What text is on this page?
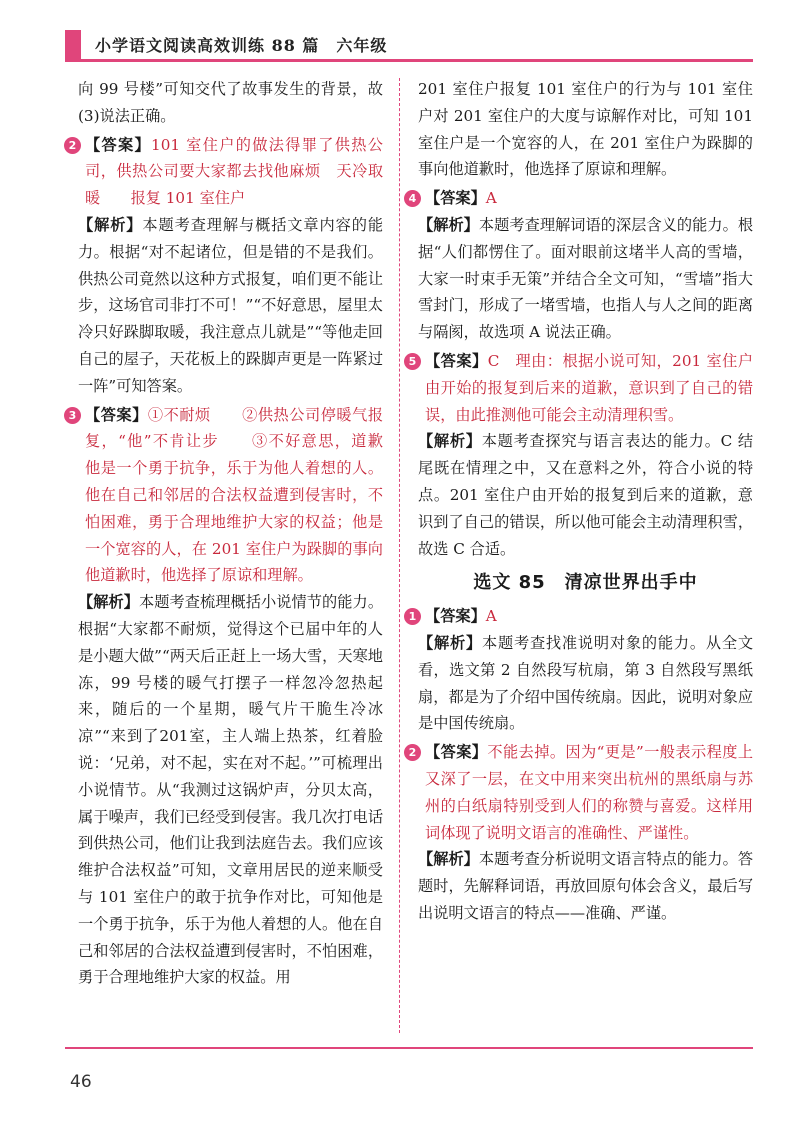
小学语文阅读高效训练 88 篇　六年级

向 99 号楼”可知交代了故事发生的背景，故(3)说法正确。

2 【答案】101 室住户的做法得罪了供热公司，供热公司要大家都去找他麻烦　天冷取暖　　报复 101 室住户

【解析】本题考查理解与概括文章内容的能力。根据“对不起诸位，但是错的不是我们。供热公司竟然以这种方式报复，咱们更不能让步，这场官司非打不可！”“不好意思，屋里太冷只好跺脚取暖，我注意点儿就是”“等他走回自己的屋子，天花板上的跺脚声更是一阵紧过一阵”可知答案。

3 【答案】①不耐烦　　②供热公司停暖气报复，“他”不肯让步　　③不好意思，道歉　　他是一个勇于抗争，乐于为他人着想的人。他在自己和邻居的合法权益遭到侵害时，不怕困难，勇于合理地维护大家的权益；他是一个宽容的人，在 201 室住户为跺脚的事向他道歉时，他选择了原谅和理解。

【解析】本题考查梳理概括小说情节的能力。根据“大家都不耐烦，觉得这个已届中年的人是小题大做”“两天后正赶上一场大雪，天寒地冻，99 号楼的暖气打摆子一样忽冷忽热起来，随后的一个星期，暖气片干脆生冷冰凉”“来到了201室，主人端上热茶，红着脸说：‘兄弟，对不起，实在对不起。’”可梳理出小说情节。从“我测过这锅炉声，分贝太高，属于噪声，我们已经受到侵害。我几次打电话到供热公司，他们让我到法庭告去。我们应该维护合法权益”可知，文章用居民的逆来顺受与 101 室住户的敢于抗争作对比，可知他是一个勇于抗争，乐于为他人着想的人。他在自己和邻居的合法权益遭到侵害时，不怕困难，勇于合理地维护大家的权益。用

201 室住户报复 101 室住户的行为与 101 室住户对 201 室住户的大度与谅解作对比，可知 101 室住户是一个宽容的人，在 201 室住户为跺脚的事向他道歉时，他选择了原谅和理解。

4 【答案】A

【解析】本题考查理解词语的深层含义的能力。根据“人们都愣住了。面对眼前这堵半人高的雪墙，大家一时束手无策”并结合全文可知，“雪墙”指大雪封门，形成了一堵雪墙，也指人与人之间的距离与隔阂，故选项 A 说法正确。

5 【答案】C　理由：根据小说可知，201 室住户由开始的报复到后来的道歉，意识到了自己的错误，由此推测他可能会主动清理积雪。

【解析】本题考查探究与语言表达的能力。C 结尾既在情理之中，又在意料之外，符合小说的特点。201 室住户由开始的报复到后来的道歉，意识到了自己的错误，所以他可能会主动清理积雪，故选 C 合适。

选文 85　清凉世界出手中
1 【答案】A

【解析】本题考查找准说明对象的能力。从全文看，选文第 2 自然段写杭扇，第 3 自然段写黑纸扇，都是为了介绍中国传统扇。因此，说明对象应是中国传统扇。

2 【答案】不能去掉。因为“更是”一般表示程度上又深了一层，在文中用来突出杭州的黑纸扇与苏州的白纸扇特别受到人们的称赞与喜爱。这样用词体现了说明文语言的准确性、严谨性。

【解析】本题考查分析说明文语言特点的能力。答题时，先解释词语，再放回原句体会含义，最后写出说明文语言的特点——准确、严谨。

46
